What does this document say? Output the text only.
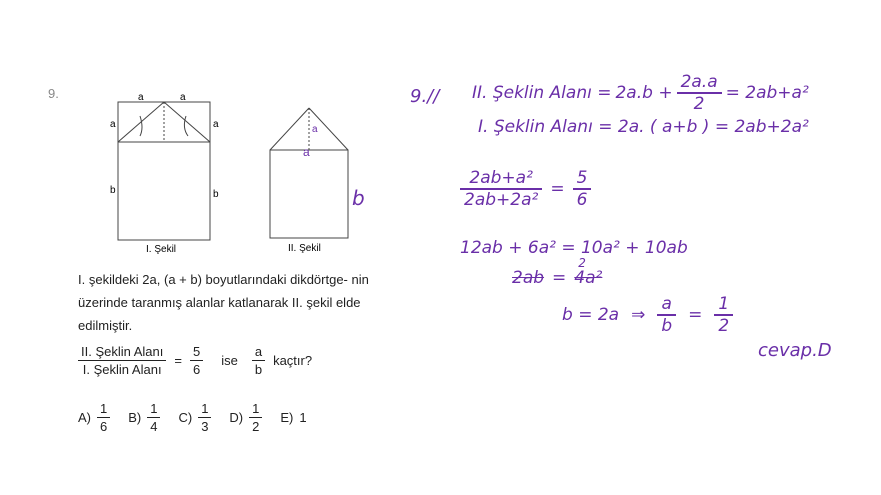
9.	a	a
a	a
b	b
I. Şekil
a
a
II. Şekil
I. şekildeki 2a, (a + b) boyutlarındaki dikdörtge- nin üzerinde taranmış alanlar katlanarak II. şekil elde edilmiştir.
$\frac{\text{II. Şeklin Alanı}}{\text{I. Şeklin Alanı}} = \frac{5}{6}$ ise $\frac{a}{b}$ kaçtır?
$A) \frac{1}{6} B) \frac{1}{4} C) \frac{1}{3} D) \frac{1}{2} E$) 1
9.// II. Şeklin Alanı = $2a.b + \frac{2a.a}{2} = 2ab+a^2$
I. Şeklin Alanı = 2a. ( a+b ) = 2ab+2a²
b	$\frac{\text{2ab+a²}}{\text{2ab+2a²}} = \frac{5}{6}$
12ab + 6a² = 10a² + 10ab
2ab =
2
4a²
b = 2a ⇒ $\frac{a}{b} = \frac{1}{2}$
cevap.D
